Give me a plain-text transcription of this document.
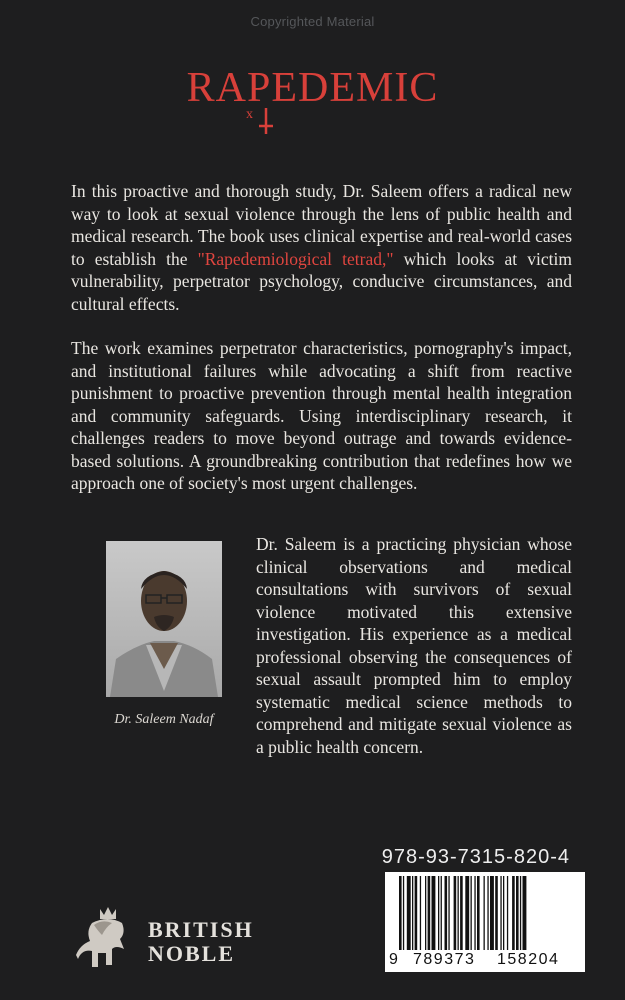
Copyrighted Material
RAPEDEMIC
x
In this proactive and thorough study, Dr. Saleem offers a radical new way to look at sexual violence through the lens of public health and medical research. The book uses clinical expertise and real-world cases to establish the "Rapedemiological tetrad," which looks at victim vulnerability, perpetrator psychology, conducive circumstances, and cultural effects.
The work examines perpetrator characteristics, pornography's impact, and institutional failures while advocating a shift from reactive punishment to proactive prevention through mental health integration and community safeguards. Using interdisciplinary research, it challenges readers to move beyond outrage and towards evidence-based solutions. A groundbreaking contribution that redefines how we approach one of society's most urgent challenges.
Dr. Saleem Nadaf
Dr. Saleem is a practicing physician whose clinical observations and medical consultations with survivors of sexual violence motivated this extensive investigation. His experience as a medical professional observing the consequences of sexual assault prompted him to employ systematic medical science methods to comprehend and mitigate sexual violence as a public health concern.
978-93-7315-820-4
9 789373 158204
BRITISH
NOBLE
